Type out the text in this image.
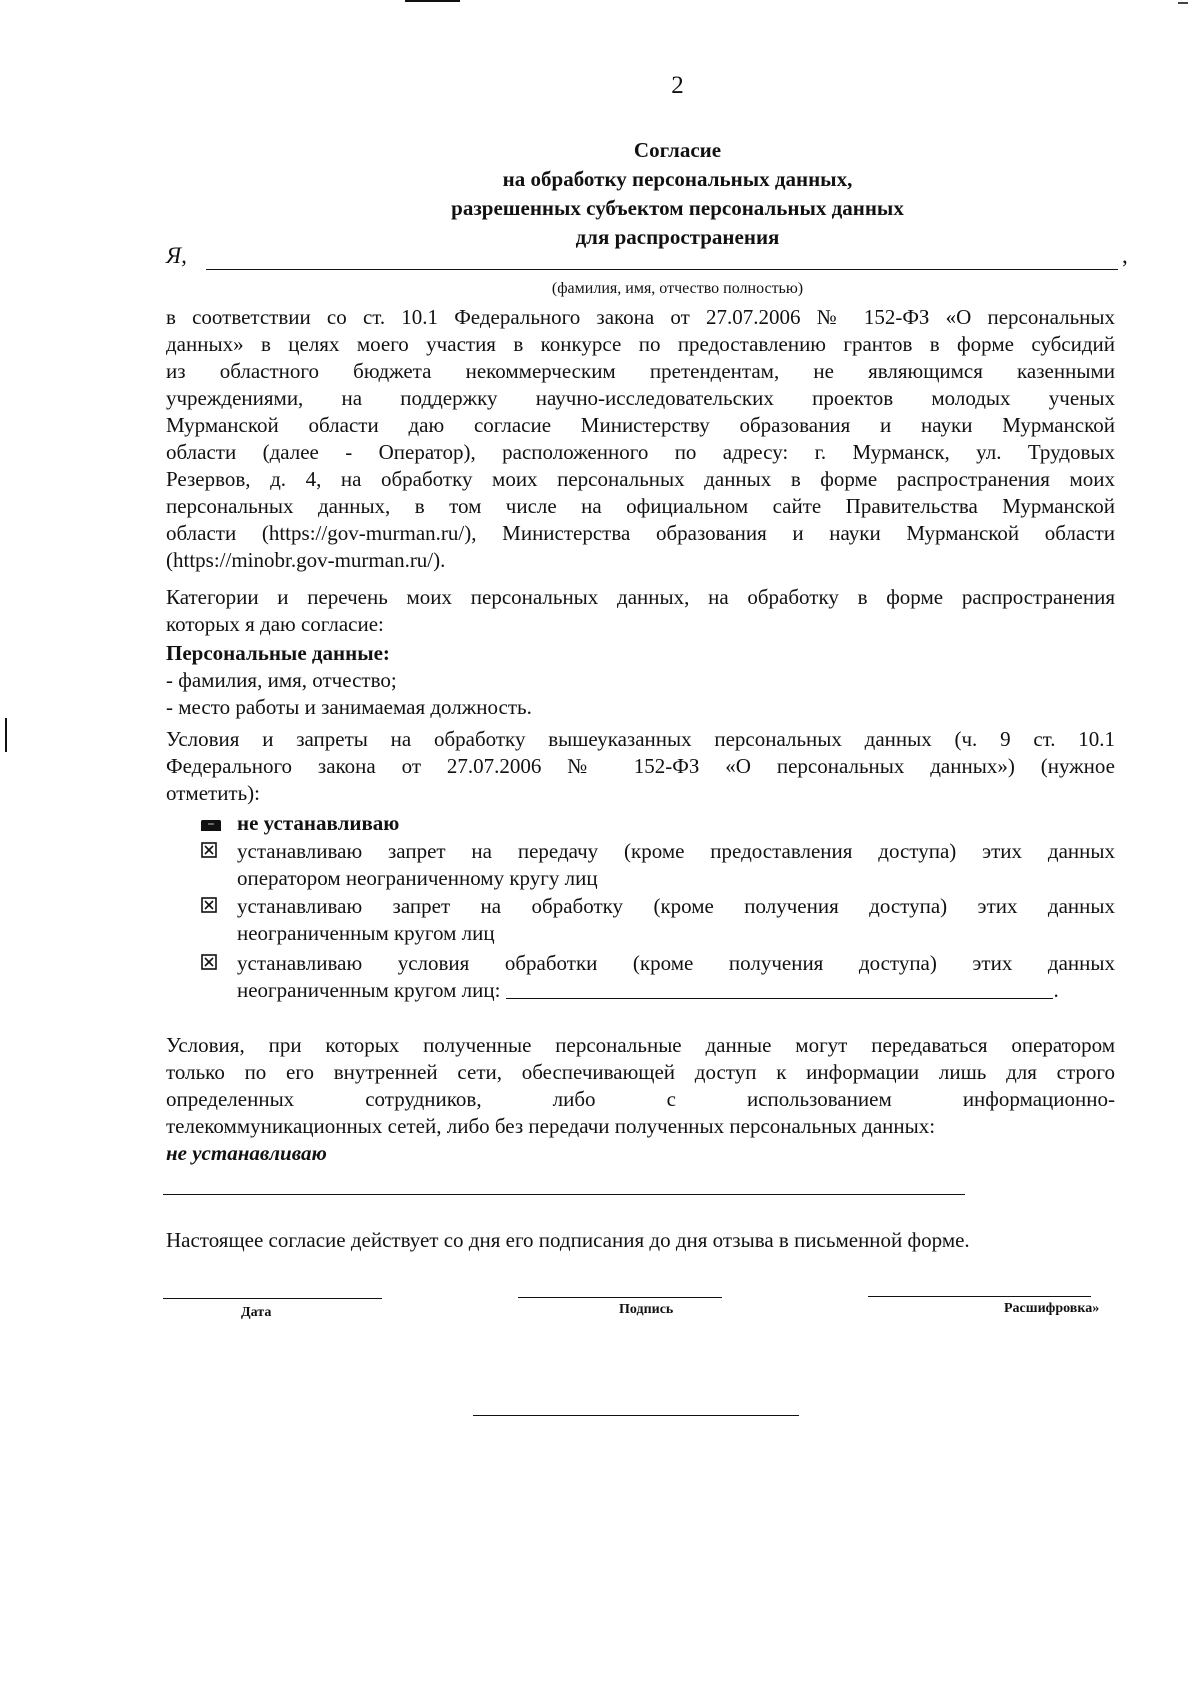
2
Согласие
на обработку персональных данных,
разрешенных субъектом персональных данных
для распространения
Я,	,
(фамилия, имя, отчество полностью)
в соответствии со ст. 10.1 Федерального закона от 27.07.2006 № 152-ФЗ «О персональных
данных» в целях моего участия в конкурсе по предоставлению грантов в форме субсидий
из областного бюджета некоммерческим претендентам, не являющимся казенными
учреждениями, на поддержку научно-исследовательских проектов молодых ученых
Мурманской области даю согласие Министерству образования и науки Мурманской
области (далее - Оператор), расположенного по адресу: г. Мурманск, ул. Трудовых
Резервов, д. 4, на обработку моих персональных данных в форме распространения моих
персональных данных, в том числе на официальном сайте Правительства Мурманской
области (https://gov-murman.ru/), Министерства образования и науки Мурманской области
(https://minobr.gov-murman.ru/).
Категории и перечень моих персональных данных, на обработку в форме распространения
которых я даю согласие:
Персональные данные:
- фамилия, имя, отчество;
- место работы и занимаемая должность.
Условия и запреты на обработку вышеуказанных персональных данных (ч. 9 ст. 10.1
Федерального закона от 27.07.2006 № 152-ФЗ «О персональных данных») (нужное
отметить):
не устанавливаю
устанавливаю запрет на передачу (кроме предоставления доступа) этих данных
оператором неограниченному кругу лиц
устанавливаю запрет на обработку (кроме получения доступа) этих данных
неограниченным кругом лиц
устанавливаю условия обработки (кроме получения доступа) этих данных
неограниченным кругом лиц:	.
Условия, при которых полученные персональные данные могут передаваться оператором
только по его внутренней сети, обеспечивающей доступ к информации лишь для строго
определенных сотрудников, либо с использованием информационно-
телекоммуникационных сетей, либо без передачи полученных персональных данных:
не устанавливаю
Настоящее согласие действует со дня его подписания до дня отзыва в письменной форме.
Дата	Подпись	Расшифровка»
